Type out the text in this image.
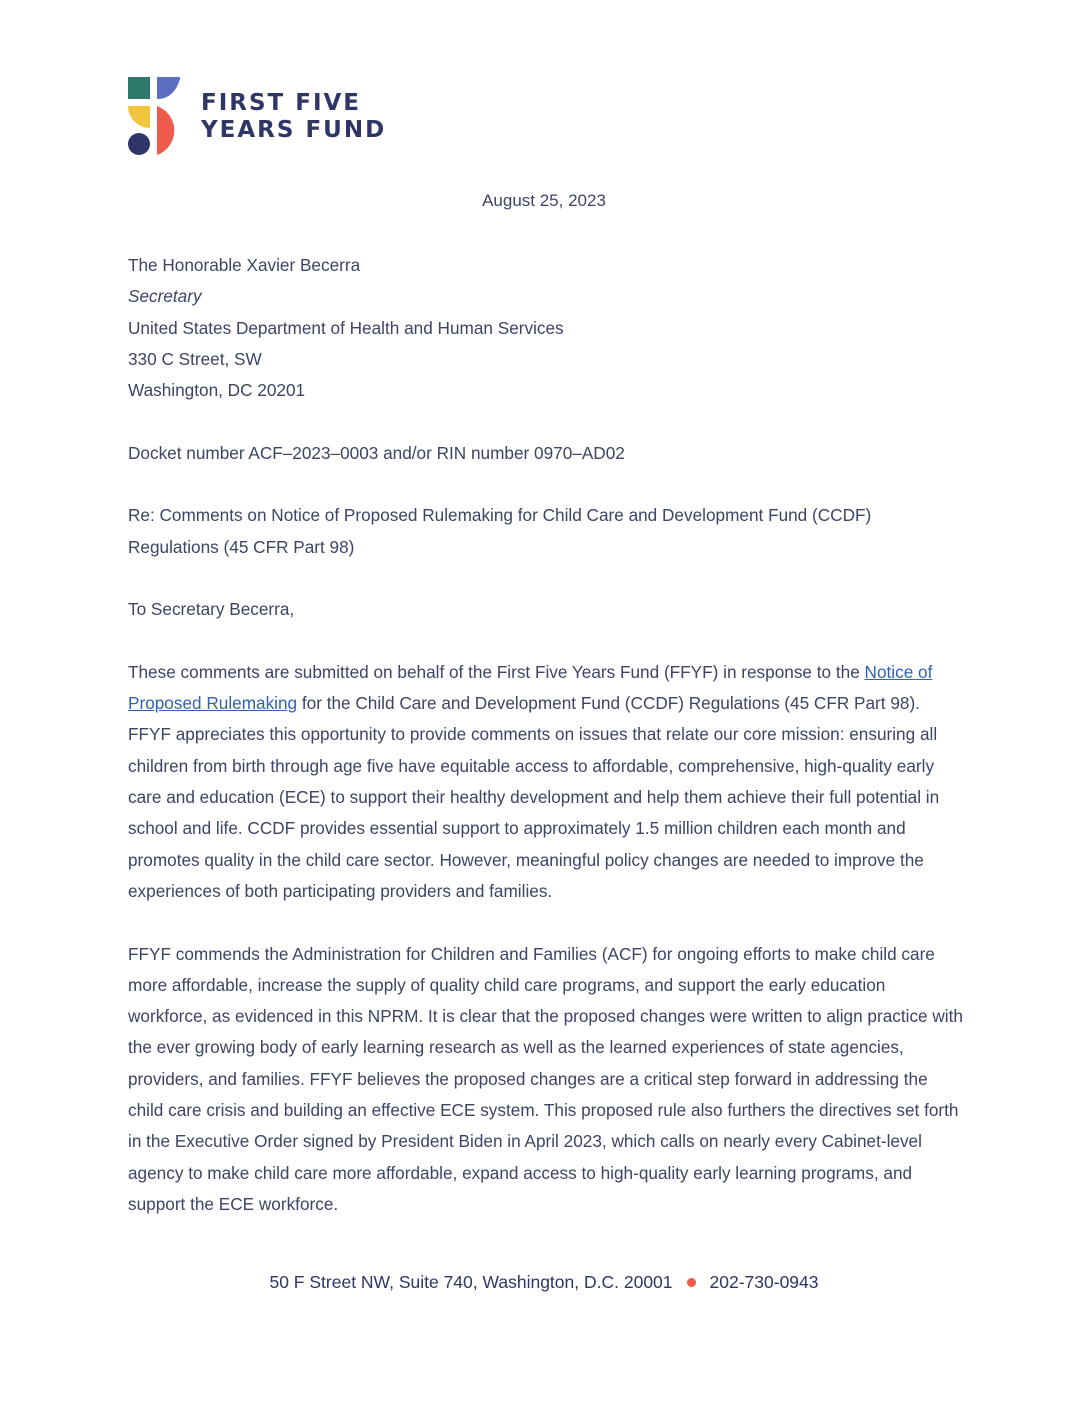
FIRST FIVE
YEARS FUND
August 25, 2023
The Honorable Xavier Becerra
Secretary
United States Department of Health and Human Services
330 C Street, SW
Washington, DC 20201

Docket number ACF–2023–0003 and/or RIN number 0970–AD02

Re: Comments on Notice of Proposed Rulemaking for Child Care and Development Fund (CCDF) Regulations (45 CFR Part 98)

To Secretary Becerra,

These comments are submitted on behalf of the First Five Years Fund (FFYF) in response to the Notice of Proposed Rulemaking for the Child Care and Development Fund (CCDF) Regulations (45 CFR Part 98). FFYF appreciates this opportunity to provide comments on issues that relate our core mission: ensuring all children from birth through age five have equitable access to affordable, comprehensive, high-quality early care and education (ECE) to support their healthy development and help them achieve their full potential in school and life. CCDF provides essential support to approximately 1.5 million children each month and promotes quality in the child care sector. However, meaningful policy changes are needed to improve the experiences of both participating providers and families.

FFYF commends the Administration for Children and Families (ACF) for ongoing efforts to make child care more affordable, increase the supply of quality child care programs, and support the early education workforce, as evidenced in this NPRM. It is clear that the proposed changes were written to align practice with the ever growing body of early learning research as well as the learned experiences of state agencies, providers, and families. FFYF believes the proposed changes are a critical step forward in addressing the child care crisis and building an effective ECE system. This proposed rule also furthers the directives set forth in the Executive Order signed by President Biden in April 2023, which calls on nearly every Cabinet-level agency to make child care more affordable, expand access to high-quality early learning programs, and support the ECE workforce.

50 F Street NW, Suite 740, Washington, D.C. 20001 202-730-0943
